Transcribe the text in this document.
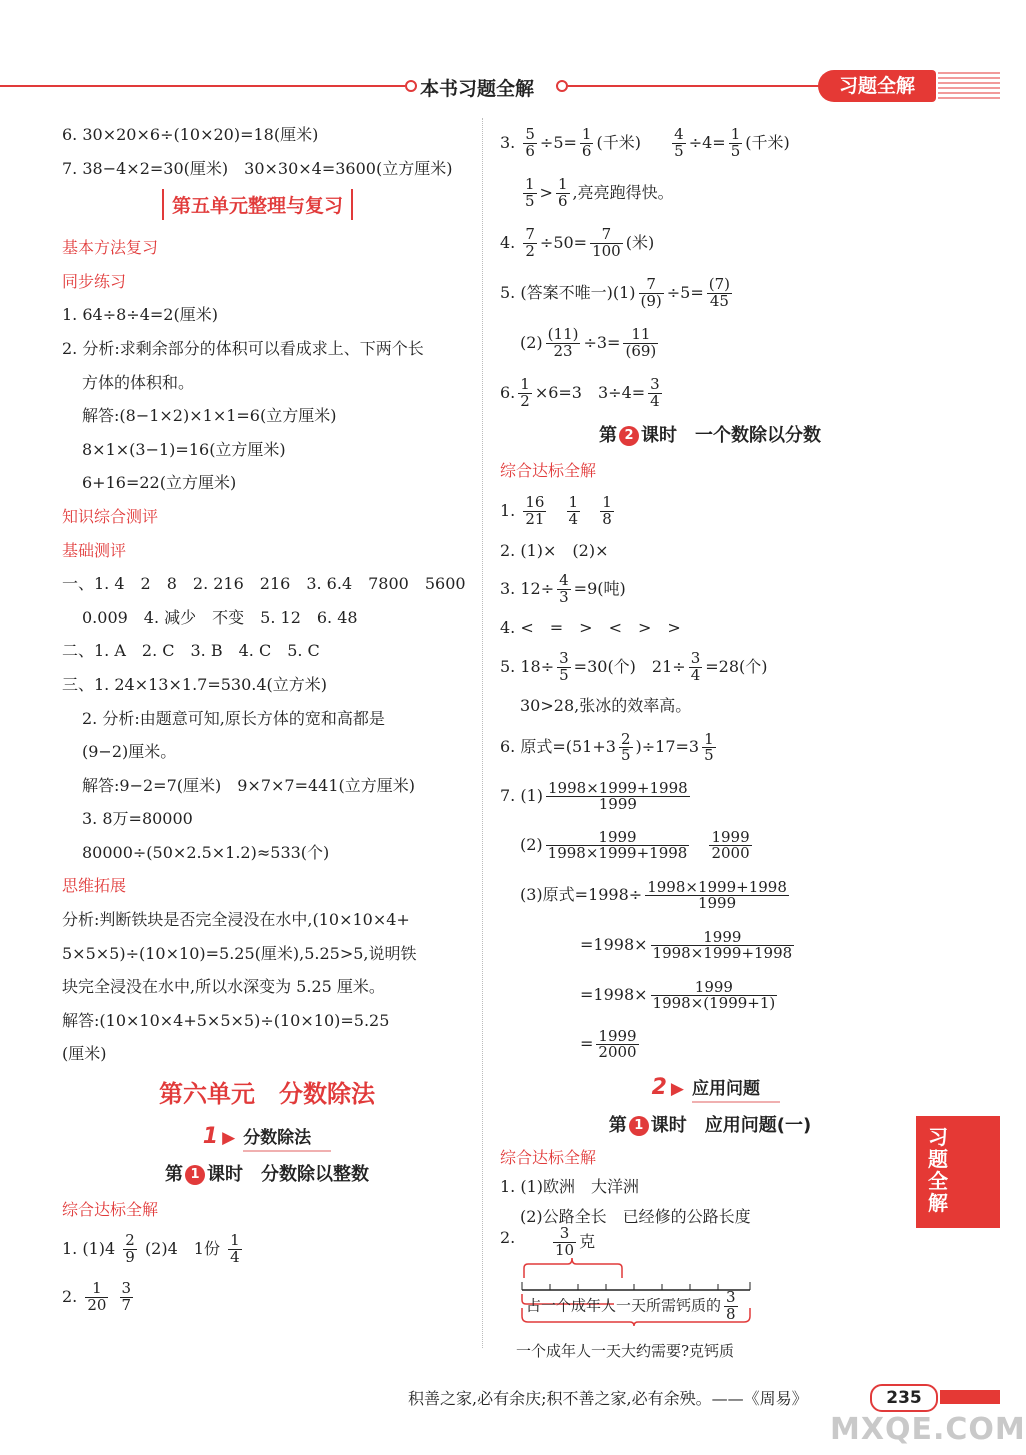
本书习题全解	习题全解
6. 30×20×6÷(10×20)=18(厘米)
7. 38−4×2=30(厘米)　30×30×4=3600(立方厘米)
第五单元整理与复习
基本方法复习
同步练习
1. 64÷8÷4=2(厘米)
2. 分析:求剩余部分的体积可以看成求上、下两个长
方体的体积和。
解答:(8−1×2)×1×1=6(立方厘米)
8×1×(3−1)=16(立方厘米)
6+16=22(立方厘米)
知识综合测评
基础测评
一、1. 4　2　8　2. 216　216　3. 6.4　7800　5600
0.009　4. 减少　不变　5. 12　6. 48
二、1. A　2. C　3. B　4. C　5. C
三、1. 24×13×1.7=530.4(立方米)
2. 分析:由题意可知,原长方体的宽和高都是
(9−2)厘米。
解答:9−2=7(厘米)　9×7×7=441(立方厘米)
3. 8万=80000
80000÷(50×2.5×1.2)≈533(个)
思维拓展
分析:判断铁块是否完全浸没在水中,(10×10×4+
5×5×5)÷(10×10)=5.25(厘米),5.25>5,说明铁
块完全浸没在水中,所以水深变为 5.25 厘米。
解答:(10×10×4+5×5×5)÷(10×10)=5.25
(厘米)
第六单元　分数除法
1 ▶ 分数除法
第 1 课时　分数除以整数
综合达标全解
1. $(1)4 \frac{2}{9} (2)4$　1份 $\frac{1}{4}$
2. $\frac{1}{20}$
$\frac{3}{7}$
3. $\frac{5}{6} \div 5= \frac{1}{6}$ (千米) $\frac{4}{5} \div 4= \frac{1}{5}$ (千米)
$\frac{1}{5} > \frac{1}{6}$ ,亮亮跑得快。
4. $\frac{7}{2} \div 50= \frac{7}{100}$ (米)
5. (答案不唯一)$(1) \frac{7}{(9)} \div 5= \frac{(7)}{45}$
$(2) \frac{(11)}{23} \div 3= \frac{11}{(69)}$
6. $\frac{1}{2} \times 6=3$　$3\div 4= \frac{3}{4}$
第 2 课时　一个数除以分数
综合达标全解
1. $\frac{16}{21}$
$\frac{1}{4}$
$\frac{1}{8}$
2. (1)×　(2)×
3. $12\div \frac{4}{3} =9$(吨)
4. <　=　>　<　>　>
5. $18\div \frac{3}{5} =30$(个)　$21\div \frac{3}{4} =28$(个)
30>28,张冰的效率高。
6. 原式$=(51+3 \frac{2}{5} )\div 17=3 \frac{1}{5}$
7. $(1) \frac{1998\times 1999+1998}{1999}$
$(2) \frac{1999}{1998\times 1999+1998}$
$\frac{1999}{2000}$
(3)原式$=1998\div \frac{1998\times 1999+1998}{1999}$
$=1998\times \frac{1999}{1998\times 1999+1998}$
$=1998\times \frac{1999}{1998\times(1999+1)}$
= $\frac{1999}{2000}$
2 ▶ 应用问题
第 1 课时　应用问题(一)
综合达标全解
1. (1)欧洲　大洋洲
(2)公路全长　已经修的公路长度
2.	$\frac{3}{10}$ 克
占一个成年人一天所需钙质的 $\frac{3}{8}$
一个成年人一天大约需要?克钙质
习题全解
积善之家,必有余庆;积不善之家,必有余殃。——《周易》	235
MXQE.COM
